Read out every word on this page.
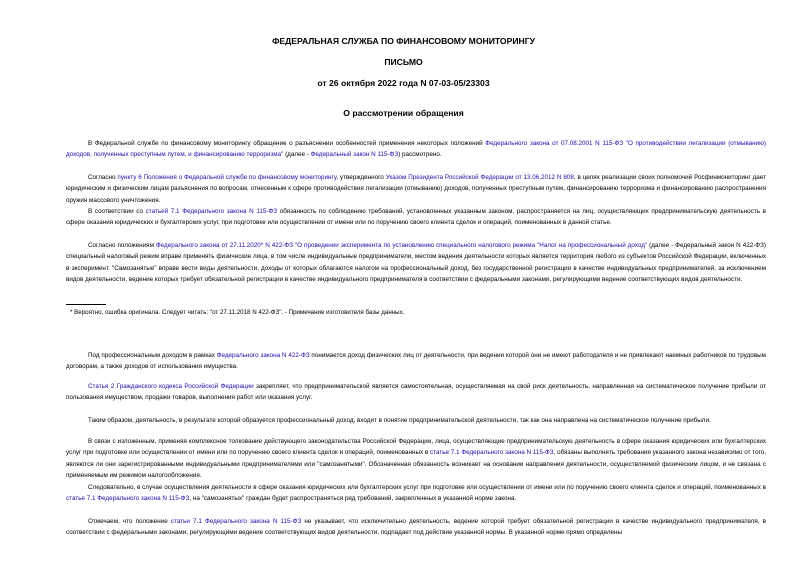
ФЕДЕРАЛЬНАЯ СЛУЖБА ПО ФИНАНСОВОМУ МОНИТОРИНГУ
ПИСЬМО
от 26 октября 2022 года N 07-03-05/23303
О рассмотрении обращения

В Федеральной службе по финансовому мониторингу обращение о разъяснении особенностей применения некоторых положений Федерального закона от 07.08.2001 N 115-ФЗ "О противодействии легализации (отмыванию) доходов, полученных преступным путем, и финансированию терроризма" (далее - Федеральный закон N 115-ФЗ) рассмотрено.

Согласно пункту 6 Положения о Федеральной службе по финансовому мониторингу, утвержденного Указом Президента Российской Федерации от 13.06.2012 N 808, в целях реализации своих полномочий Росфинмониторинг дает юридическим и физическим лицам разъяснения по вопросам, отнесенным к сфере противодействия легализации (отмыванию) доходов, полученных преступным путем, финансированию терроризма и финансированию распространения оружия массового уничтожения.

В соответствии со статьей 7.1 Федерального закона N 115-ФЗ обязанность по соблюдению требований, установленных указанным законом, распространяется на лиц, осуществляющих предпринимательскую деятельность в сфере оказания юридических и бухгалтерских услуг, при подготовке или осуществлении от имени или по поручению своего клиента сделок и операций, поименованных в данной статье.

Согласно положениям Федерального закона от 27.11.2020* N 422-ФЗ "О проведении эксперимента по установлению специального налогового режима "Налог на профессиональный доход" (далее - Федеральный закон N 422-ФЗ) специальный налоговый режим вправе применять физические лица, в том числе индивидуальные предприниматели, местом ведения деятельности которых является территория любого из субъектов Российской Федерации, включенных в эксперимент. "Самозанятые" вправе вести виды деятельности, доходы от которых облагаются налогом на профессиональный доход, без государственной регистрации в качестве индивидуальных предпринимателей, за исключением видов деятельности, ведение которых требует обязательной регистрации в качестве индивидуального предпринимателя в соответствии с федеральными законами, регулирующими ведение соответствующих видов деятельности.

* Вероятно, ошибка оригинала. Следует читать: "от 27.11.2018 N 422-ФЗ". - Примечание изготовителя базы данных.

Под профессиональным доходом в рамках Федерального закона N 422-ФЗ понимается доход физических лиц от деятельности, при ведении которой они не имеют работодателя и не привлекают наемных работников по трудовым договорам, а также доходов от использования имущества.

Статья 2 Гражданского кодекса Российской Федерации закрепляет, что предпринимательской является самостоятельная, осуществляемая на свой риск деятельность, направленная на систематическое получение прибыли от пользования имуществом, продажи товаров, выполнения работ или оказания услуг.

Таким образом, деятельность, в результате которой образуется профессиональный доход, входит в понятие предпринимательской деятельности, так как она направлена на систематическое получение прибыли.

В связи с изложенным, применяя комплексное толкование действующего законодательства Российской Федерации, лица, осуществляющие предпринимательскую деятельность в сфере оказания юридических или бухгалтерских услуг при подготовке или осуществлении от имени или по поручению своего клиента сделок и операций, поименованных в статье 7.1 Федерального закона N 115-ФЗ, обязаны выполнять требования указанного закона независимо от того, являются ли они зарегистрированными индивидуальными предпринимателями или "самозанятыми". Обозначенная обязанность возникает на основании направления деятельности, осуществляемой физическим лицом, и не связана с применяемым им режимом налогообложения.

Следовательно, в случае осуществления деятельности в сфере оказания юридических или бухгалтерских услуг при подготовке или осуществлении от имени или по поручению своего клиента сделок и операций, поименованных в статье 7.1 Федерального закона N 115-ФЗ, на "самозанятых" граждан будет распространяться ряд требований, закрепленных в указанной норме закона.

Отмечаем, что положение статьи 7.1 Федерального закона N 115-ФЗ не указывает, что исключительно деятельность, ведение которой требует обязательной регистрации в качестве индивидуального предпринимателя, в соответствии с федеральными законами, регулирующими ведение соответствующих видов деятельности, подпадает под действие указанной нормы. В указанной норме прямо определены
